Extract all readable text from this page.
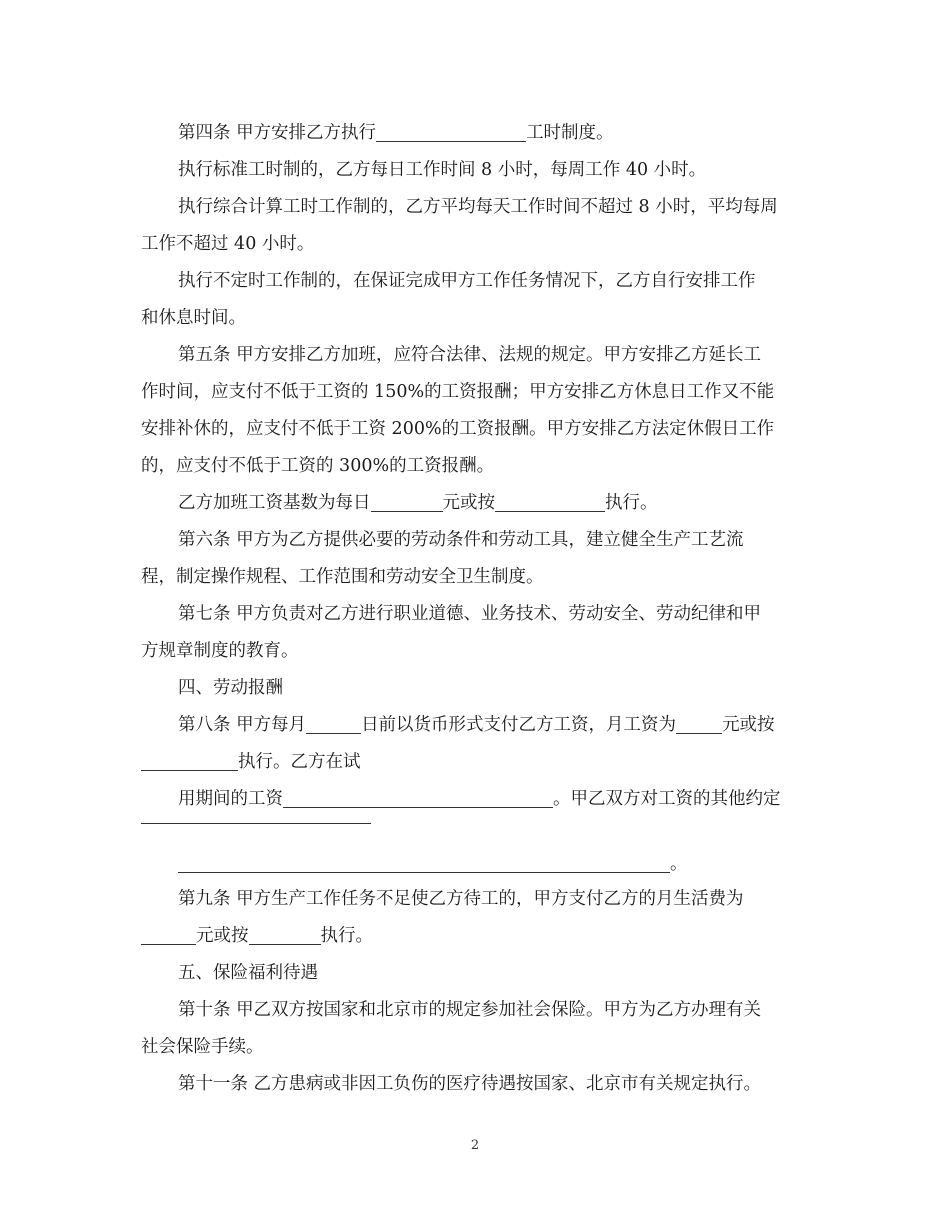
第四条 甲方安排乙方执行	工时制度。
执行标准工时制的，乙方每日工作时间 8 小时，每周工作 40 小时。
执行综合计算工时工作制的，乙方平均每天工作时间不超过 8 小时，平均每周
工作不超过 40 小时。
执行不定时工作制的，在保证完成甲方工作任务情况下，乙方自行安排工作
和休息时间。
第五条 甲方安排乙方加班，应符合法律、法规的规定。甲方安排乙方延长工
作时间，应支付不低于工资的 150%的工资报酬；甲方安排乙方休息日工作又不能
安排补休的，应支付不低于工资 200%的工资报酬。甲方安排乙方法定休假日工作
的，应支付不低于工资的 300%的工资报酬。
乙方加班工资基数为每日	元或按	执行。
第六条 甲方为乙方提供必要的劳动条件和劳动工具，建立健全生产工艺流
程，制定操作规程、工作范围和劳动安全卫生制度。
第七条 甲方负责对乙方进行职业道德、业务技术、劳动安全、劳动纪律和甲
方规章制度的教育。
四、劳动报酬
第八条 甲方每月	日前以货币形式支付乙方工资，月工资为	元或按
执行。乙方在试
用期间的工资	。甲乙双方对工资的其他约定
。
第九条 甲方生产工作任务不足使乙方待工的，甲方支付乙方的月生活费为
元或按	执行。
五、保险福利待遇
第十条 甲乙双方按国家和北京市的规定参加社会保险。甲方为乙方办理有关
社会保险手续。
第十一条 乙方患病或非因工负伤的医疗待遇按国家、北京市有关规定执行。
2
